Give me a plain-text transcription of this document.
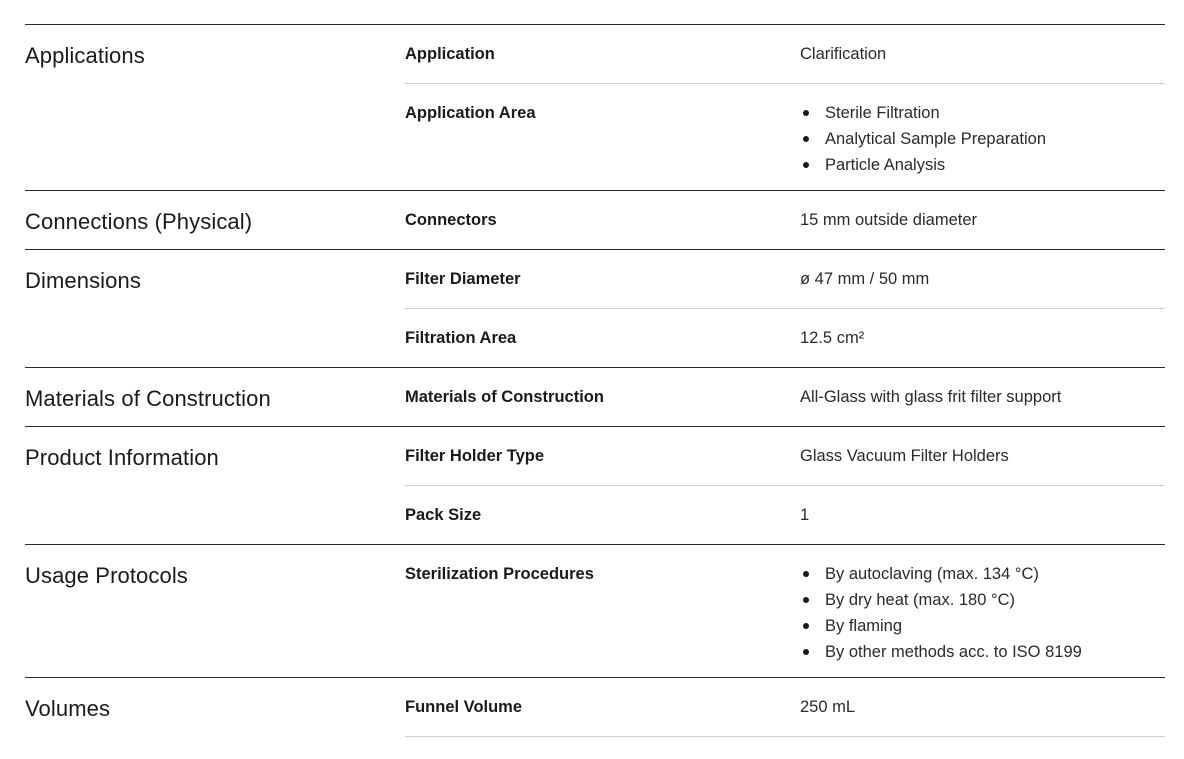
Applications	Application	Clarification
Application Area	Sterile Filtration
Analytical Sample Preparation
Particle Analysis
Connections (Physical)	Connectors	15 mm outside diameter
Dimensions	Filter Diameter	ø 47 mm / 50 mm
Filtration Area	12.5 cm²
Materials of Construction	Materials of Construction	All-Glass with glass frit filter support
Product Information	Filter Holder Type	Glass Vacuum Filter Holders
Pack Size	1
Usage Protocols	Sterilization Procedures	By autoclaving (max. 134 °C)
By dry heat (max. 180 °C)
By flaming
By other methods acc. to ISO 8199
Volumes	Funnel Volume	250 mL
